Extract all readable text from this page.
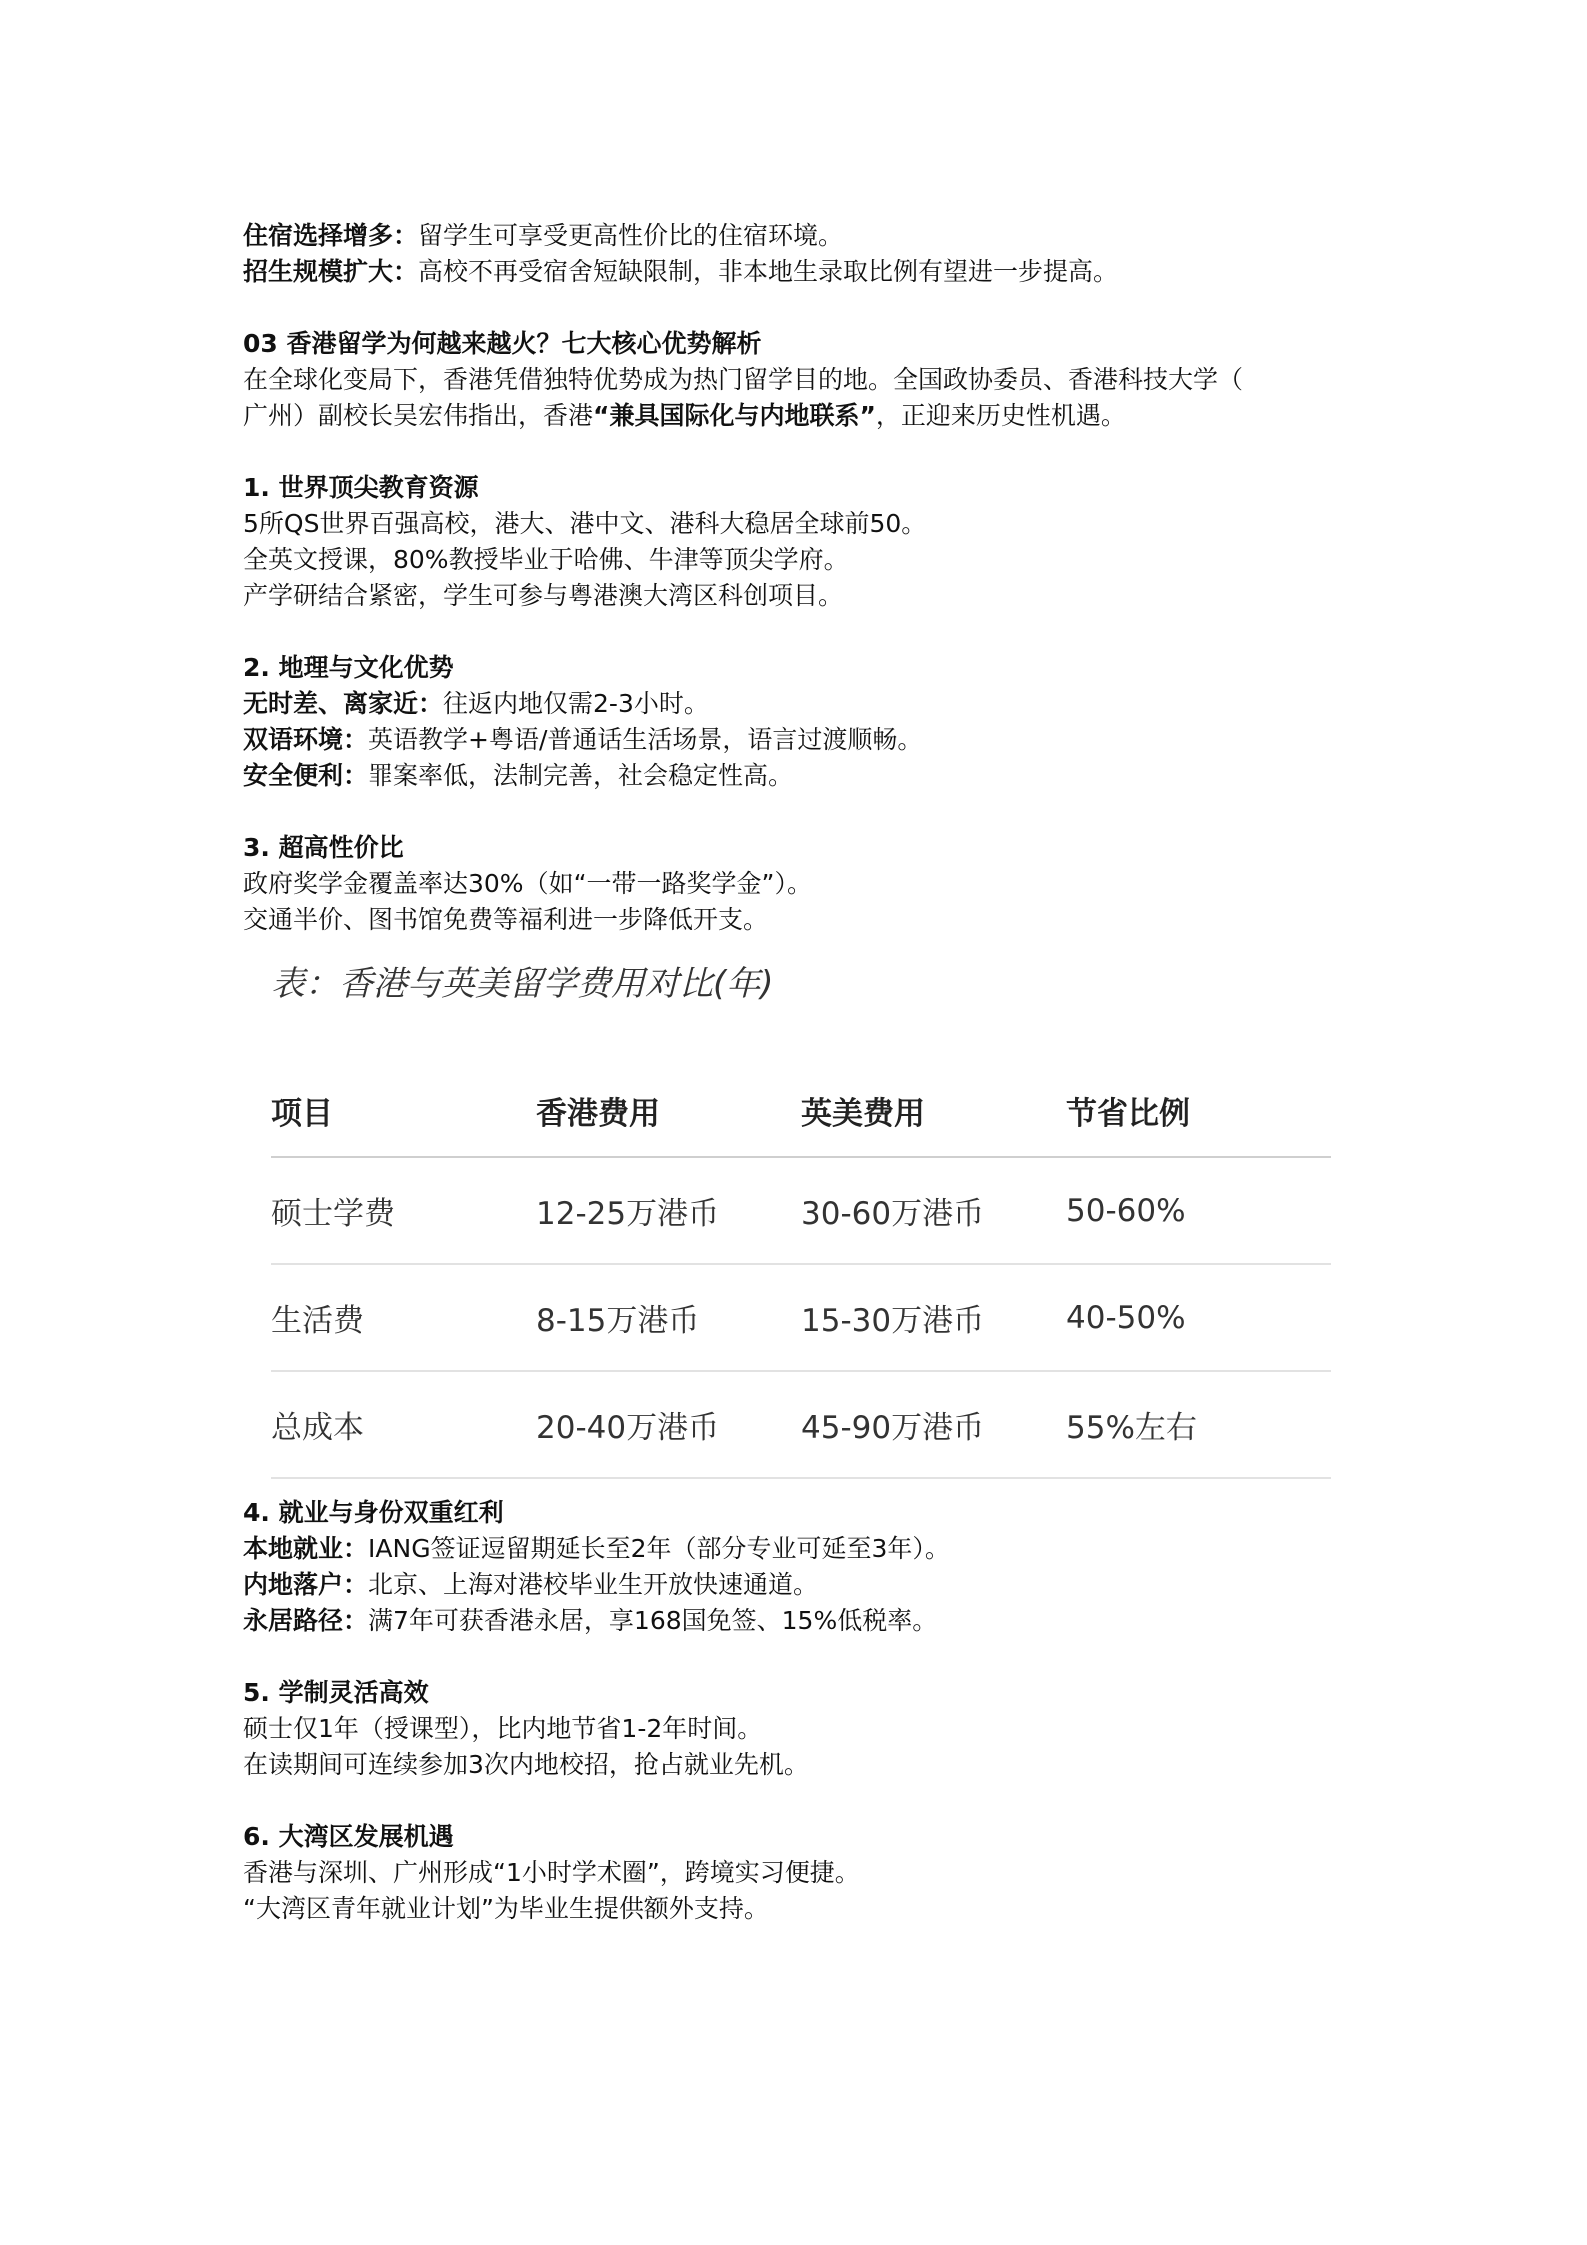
住宿选择增多：留学生可享受更高性价比的住宿环境。
招生规模扩大：高校不再受宿舍短缺限制，非本地生录取比例有望进一步提高。
03 香港留学为何越来越火？七大核心优势解析
在全球化变局下，香港凭借独特优势成为热门留学目的地。全国政协委员、香港科技大学（
广州）副校长吴宏伟指出，香港“兼具国际化与内地联系”，正迎来历史性机遇。
1. 世界顶尖教育资源
5所QS世界百强高校，港大、港中文、港科大稳居全球前50。
全英文授课，80%教授毕业于哈佛、牛津等顶尖学府。
产学研结合紧密，学生可参与粤港澳大湾区科创项目。
2. 地理与文化优势
无时差、离家近：往返内地仅需2-3小时。
双语环境：英语教学+粤语/普通话生活场景，语言过渡顺畅。
安全便利：罪案率低，法制完善，社会稳定性高。
3. 超高性价比
政府奖学金覆盖率达30%（如“一带一路奖学金”）。
交通半价、图书馆免费等福利进一步降低开支。
表：香港与英美留学费用对比(年)
项目	香港费用	英美费用	节省比例
硕士学费	12-25万港币	30-60万港币	50-60%
生活费	8-15万港币	15-30万港币	40-50%
总成本	20-40万港币	45-90万港币	55%左右
4. 就业与身份双重红利
本地就业：IANG签证逗留期延长至2年（部分专业可延至3年）。
内地落户：北京、上海对港校毕业生开放快速通道。
永居路径：满7年可获香港永居，享168国免签、15%低税率。
5. 学制灵活高效
硕士仅1年（授课型），比内地节省1-2年时间。
在读期间可连续参加3次内地校招，抢占就业先机。
6. 大湾区发展机遇
香港与深圳、广州形成“1小时学术圈”，跨境实习便捷。
“大湾区青年就业计划”为毕业生提供额外支持。
